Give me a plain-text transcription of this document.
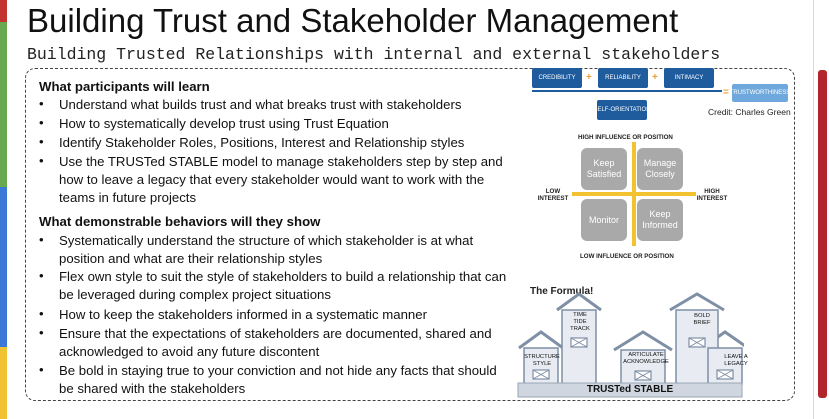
Building Trust and Stakeholder Management
Building Trusted Relationships with internal and external stakeholders
What participants will learn
• Understand what builds trust and what breaks trust with stakeholders
• How to systematically develop trust using Trust Equation
• Identify Stakeholder Roles, Positions, Interest and Relationship styles
• Use the TRUSTed STABLE model to manage stakeholders step by step and how to leave a legacy that every stakeholder would want to work with the teams in future projects
What demonstrable behaviors will they show
• Systematically understand the structure of which stakeholder is at what position and what are their relationship styles
• Flex own style to suit the style of stakeholders to build a relationship that can be leveraged during complex project situations
• How to keep the stakeholders informed in a systematic manner
• Ensure that the expectations of stakeholders are documented, shared and acknowledged to avoid any future discontent
• Be bold in staying true to your conviction and not hide any facts that should be shared with the stakeholders
CREDIBILITY	+	RELIABILITY	+	INTIMACY
= TRUSTWORTHINESS
SELF-ORIENTATION	Credit: Charles Green
HIGH INFLUENCE OR POSITION
Keep
Satisfied
Manage
Closely
Monitor
Keep
Informed
LOW
INTEREST
HIGH
INTEREST
LOW INFLUENCE OR POSITION
The Formula!
STRUCTURE
STYLE
TIME
TIDE
TRACK
ARTICULATE
ACKNOWLEDGE
BOLD
BRIEF
LEAVE A
LEGACY
TRUSTed STABLE
